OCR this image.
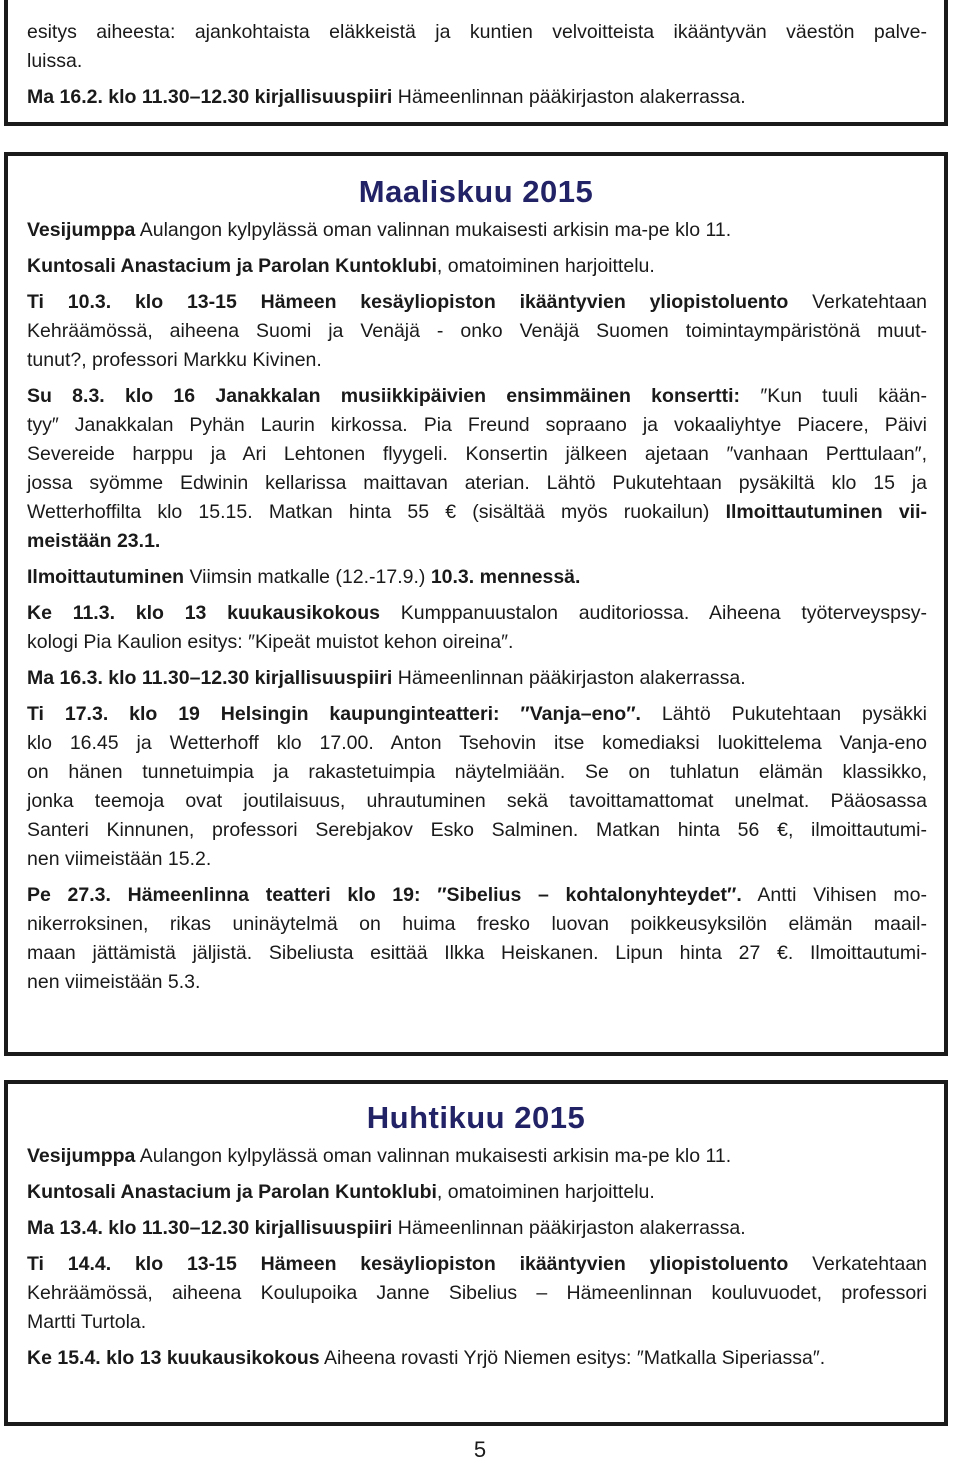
esitys aiheesta: ajankohtaista eläkkeistä ja kuntien velvoitteista ikääntyvän väestön palve-
luissa.
Ma 16.2. klo 11.30–12.30 kirjallisuuspiiri Hämeenlinnan pääkirjaston alakerrassa.
Maaliskuu 2015
Vesijumppa Aulangon kylpylässä oman valinnan mukaisesti arkisin ma-pe klo 11.
Kuntosali Anastacium ja Parolan Kuntoklubi, omatoiminen harjoittelu.
Ti 10.3. klo 13-15 Hämeen kesäyliopiston ikääntyvien yliopistoluento Verkatehtaan
Kehräämössä, aiheena Suomi ja Venäjä - onko Venäjä Suomen toimintaympäristönä muut-
tunut?, professori Markku Kivinen.
Su 8.3. klo 16 Janakkalan musiikkipäivien ensimmäinen konsertti: ″Kun tuuli kään-
tyy″ Janakkalan Pyhän Laurin kirkossa. Pia Freund sopraano ja vokaaliyhtye Piacere, Päivi
Severeide harppu ja Ari Lehtonen flyygeli. Konsertin jälkeen ajetaan ″vanhaan Perttulaan″,
jossa syömme Edwinin kellarissa maittavan aterian. Lähtö Pukutehtaan pysäkiltä klo 15 ja
Wetterhoffilta klo 15.15. Matkan hinta 55 € (sisältää myös ruokailun) Ilmoittautuminen vii-
meistään 23.1.
Ilmoittautuminen Viimsin matkalle (12.-17.9.) 10.3. mennessä.
Ke 11.3. klo 13 kuukausikokous Kumppanuustalon auditoriossa. Aiheena työterveyspsy-
kologi Pia Kaulion esitys: ″Kipeät muistot kehon oireina″.
Ma 16.3. klo 11.30–12.30 kirjallisuuspiiri Hämeenlinnan pääkirjaston alakerrassa.
Ti 17.3. klo 19 Helsingin kaupunginteatteri: ″Vanja–eno″. Lähtö Pukutehtaan pysäkki
klo 16.45 ja Wetterhoff klo 17.00. Anton Tsehovin itse komediaksi luokittelema Vanja-eno
on hänen tunnetuimpia ja rakastetuimpia näytelmiään. Se on tuhlatun elämän klassikko,
jonka teemoja ovat joutilaisuus, uhrautuminen sekä tavoittamattomat unelmat. Pääosassa
Santeri Kinnunen, professori Serebjakov Esko Salminen. Matkan hinta 56 €, ilmoittautumi-
nen viimeistään 15.2.
Pe 27.3. Hämeenlinna teatteri klo 19: ″Sibelius – kohtalonyhteydet″. Antti Vihisen mo-
nikerroksinen, rikas uninäytelmä on huima fresko luovan poikkeusyksilön elämän maail-
maan jättämistä jäljistä. Sibeliusta esittää Ilkka Heiskanen. Lipun hinta 27 €. Ilmoittautumi-
nen viimeistään 5.3.
Huhtikuu 2015
Vesijumppa Aulangon kylpylässä oman valinnan mukaisesti arkisin ma-pe klo 11.
Kuntosali Anastacium ja Parolan Kuntoklubi, omatoiminen harjoittelu.
Ma 13.4. klo 11.30–12.30 kirjallisuuspiiri Hämeenlinnan pääkirjaston alakerrassa.
Ti 14.4. klo 13-15 Hämeen kesäyliopiston ikääntyvien yliopistoluento Verkatehtaan
Kehräämössä, aiheena Koulupoika Janne Sibelius – Hämeenlinnan kouluvuodet, professori
Martti Turtola.
Ke 15.4. klo 13 kuukausikokous Aiheena rovasti Yrjö Niemen esitys: ″Matkalla Siperiassa″.
5
